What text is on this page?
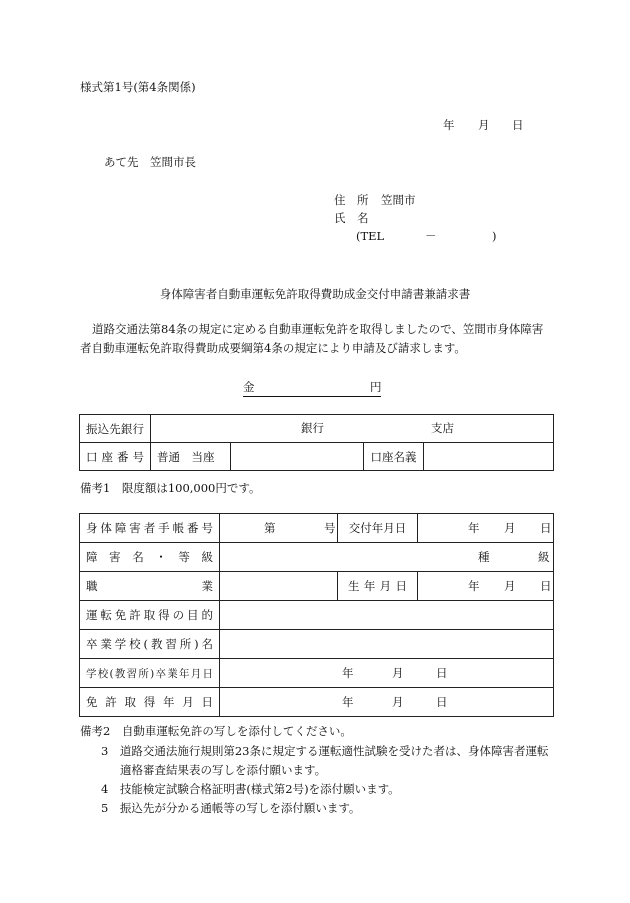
様式第1号(第4条関係)
年 月 日
あて先　笠間市長
住　所 笠間市
氏　名
(TEL	－	)
身体障害者自動車運転免許取得費助成金交付申請書兼請求書

道路交通法第84条の規定に定める自動車運転免許を取得しましたので、笠間市身体障害者自動車運転免許取得費助成要綱第4条の規定により申請及び請求します。

金	円
振込先銀行	銀行 支店			

口 座 番 号	普通　当座		口座名義	
備考1　限度額は100,000円です。
身体障害者手帳番号	第 号	交付年月日	年 月 日

障害名・等級	種 級		

職業		生年月日	年 月 日

運転免許取得の目的			
卒業学校(教習所)名			
学校(教習所)卒業年月日	年 月 日		

免許取得年月日	年 月 日		
備考2　自動車運転免許の写しを添付してください。
3　道路交通法施行規則第23条に規定する運転適性試験を受けた者は、身体障害者運転
適格審査結果表の写しを添付願います。
4　技能検定試験合格証明書(様式第2号)を添付願います。
5　振込先が分かる通帳等の写しを添付願います。
